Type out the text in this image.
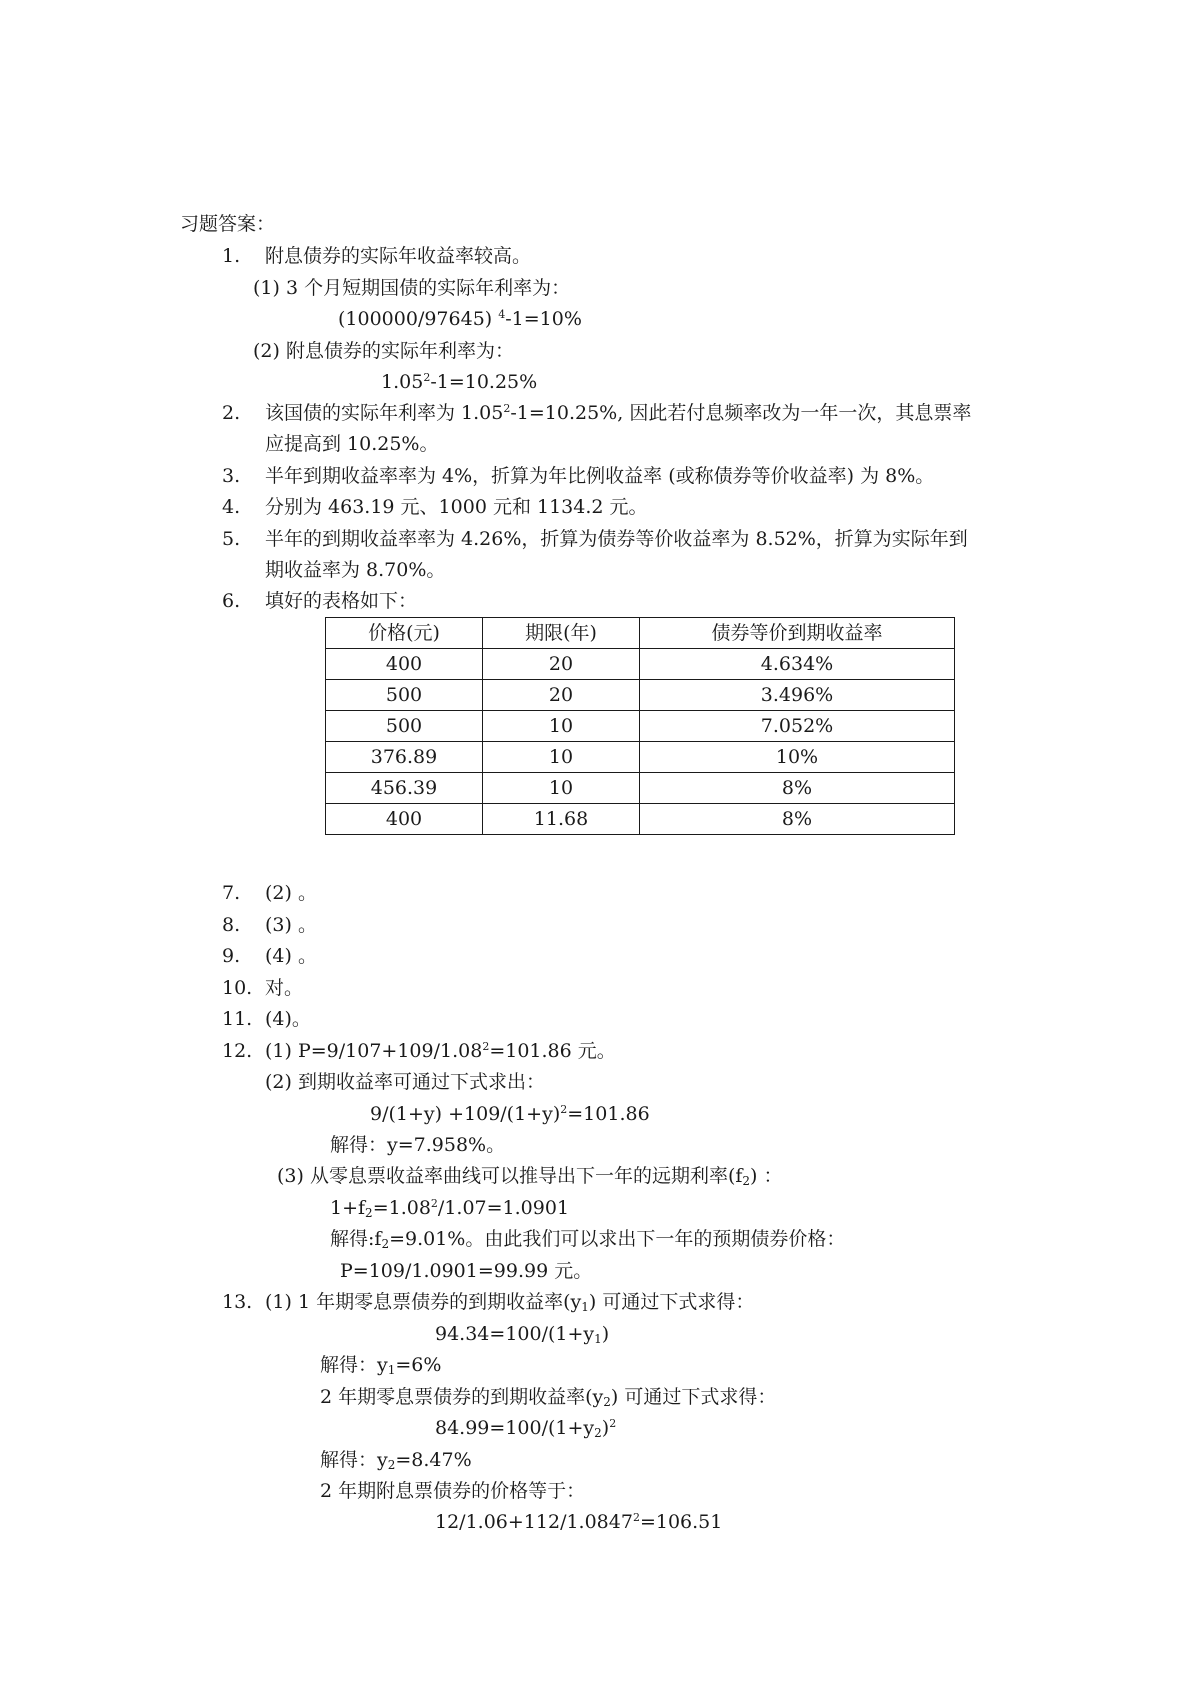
习题答案：
1. 附息债券的实际年收益率较高。
(1) 3 个月短期国债的实际年利率为：
(100000/97645) $^4$-1=10%
(2) 附息债券的实际年利率为：
$1.05^2-1=10.25\%$
2. 该国债的实际年利率为 $1.05^2-1=10.25\%$, 因此若付息频率改为一年一次，其息票率
应提高到 10.25%。
3. 半年到期收益率率为 4%，折算为年比例收益率 (或称债券等价收益率) 为 8%。
4. 分别为 463.19 元、1000 元和 1134.2 元。
5. 半年的到期收益率率为 4.26%，折算为债券等价收益率为 8.52%，折算为实际年到
期收益率为 8.70%。
6. 填好的表格如下：
价格(元)	期限(年)	债券等价到期收益率
400	20	4.634%
500	20	3.496%
500	10	7.052%
376.89	10	10%
456.39	10	8%
400	11.68	8%
7. (2) 。
8. (3) 。
9. (4) 。
10. 对。
11. (4)。
12. (1) $P=9/107+109/1.08^2=101.86$ 元。
(2) 到期收益率可通过下式求出：
$9/(1+y) +109/(1+y)^2=101.86$
解得：y=7.958%。
(3) 从零息票收益率曲线可以推导出下一年的远期利率$(f_2)$ ：
$1+f_2=1.08^2/1.07=1.0901$
解得$:f_2=9.01\%$。由此我们可以求出下一年的预期债券价格：
P=109/1.0901=99.99 元。
13. (1) 1 年期零息票债券的到期收益率$(y_1)$ 可通过下式求得：
$94.34=100/(1+y_1)$
解得：$y_1=6\%$
2 年期零息票债券的到期收益率$(y_2)$ 可通过下式求得：
$84.99=100/(1+y_2)^2$
解得：$y_2=8.47\%$
2 年期附息票债券的价格等于：
$12/1.06+112/1.0847^2=106.51$
